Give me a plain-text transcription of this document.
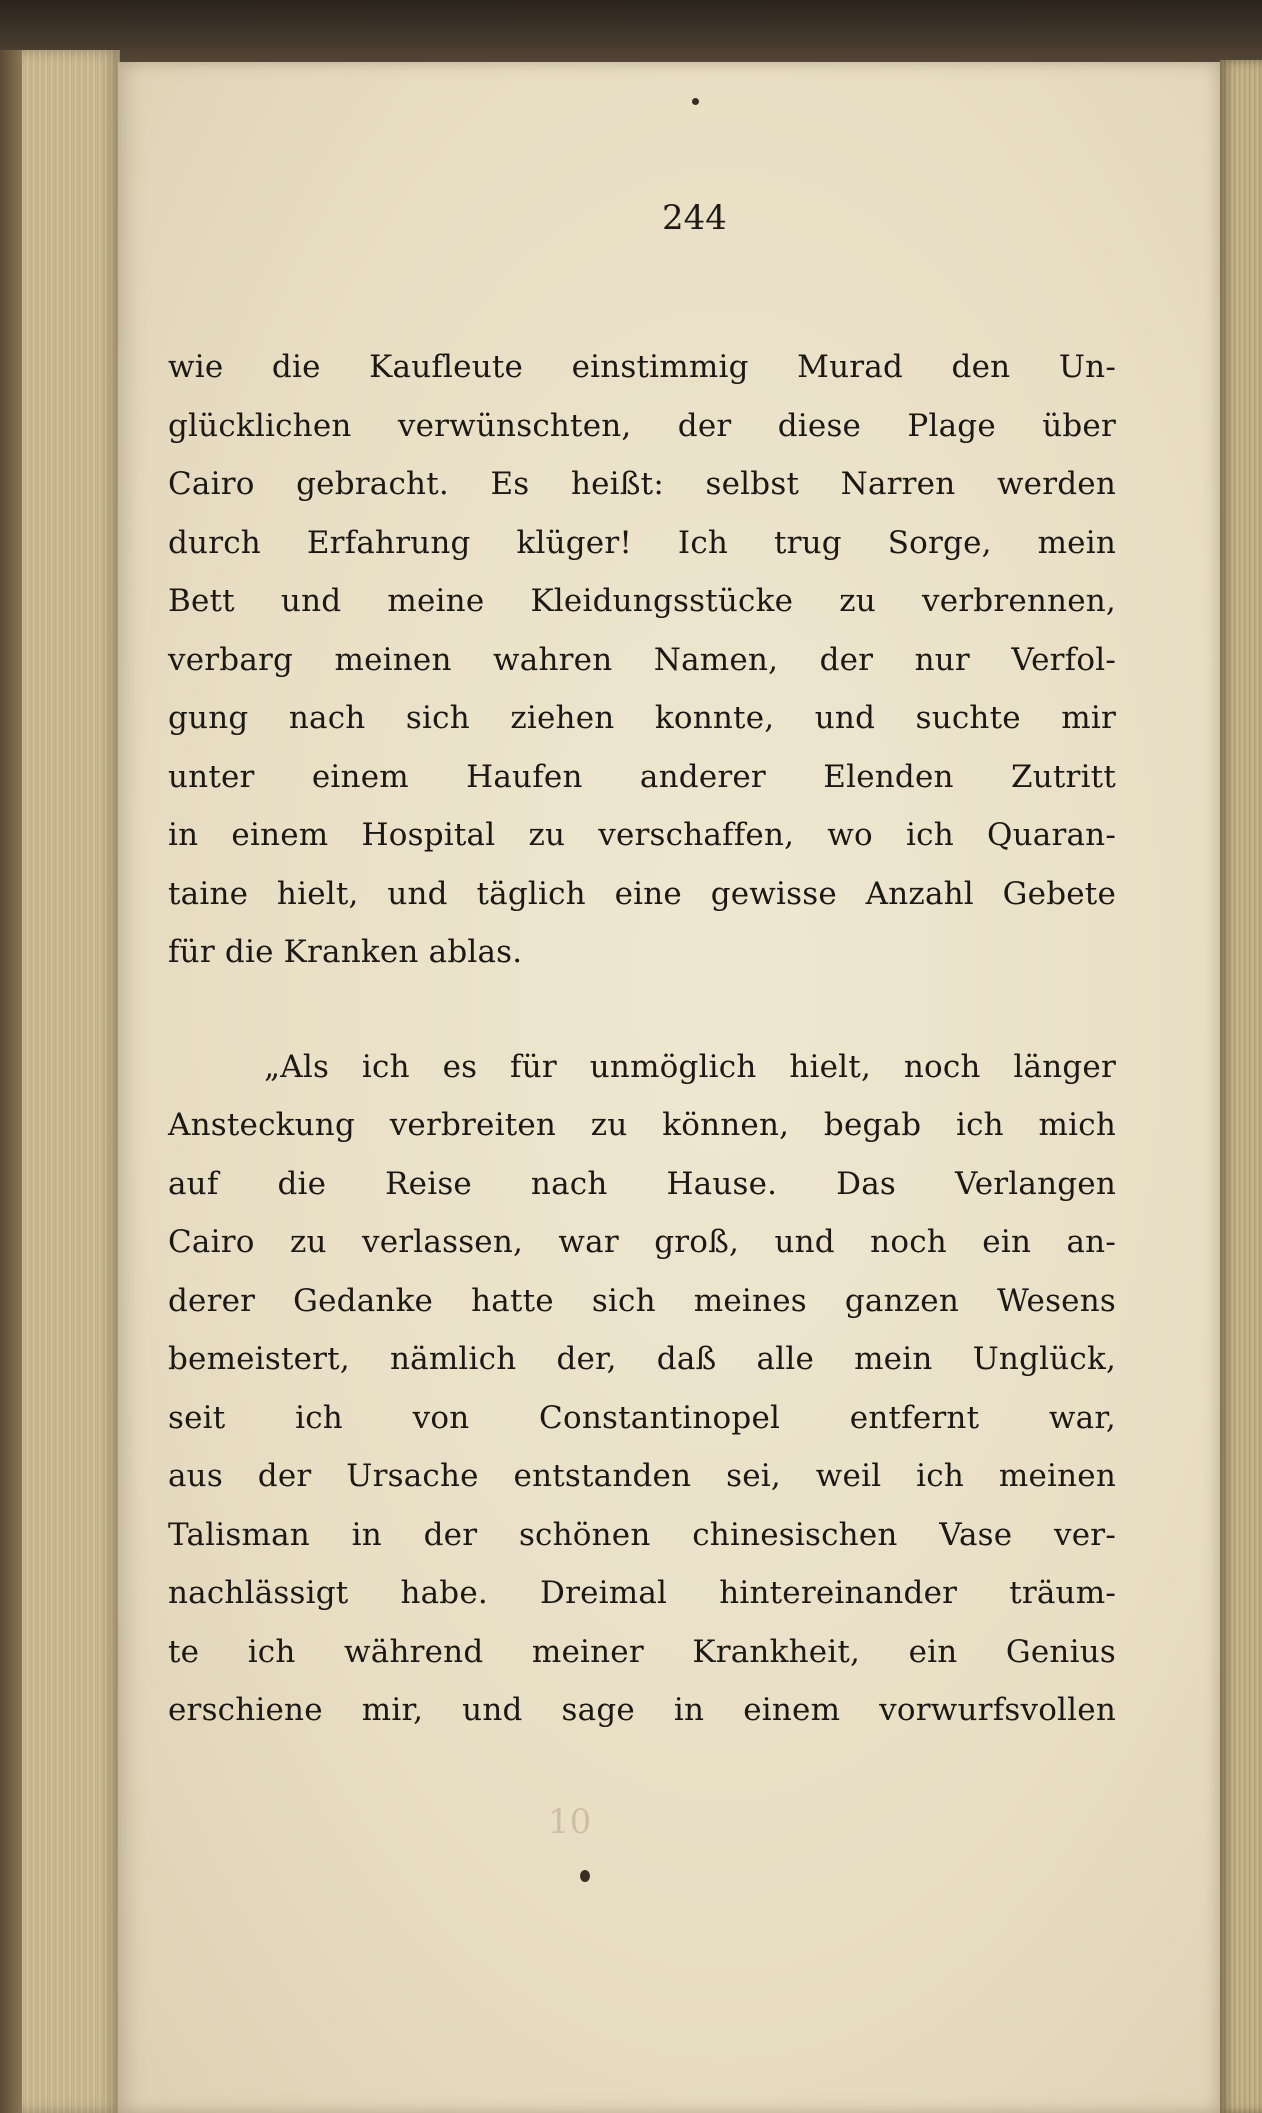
10
244
wie die Kaufleute einstimmig Murad den Un-
glücklichen verwünschten, der diese Plage über
Cairo gebracht. Es heißt: selbst Narren werden
durch Erfahrung klüger! Ich trug Sorge, mein
Bett und meine Kleidungsstücke zu verbrennen,
verbarg meinen wahren Namen, der nur Verfol-
gung nach sich ziehen konnte, und suchte mir
unter einem Haufen anderer Elenden Zutritt
in einem Hospital zu verschaffen, wo ich Quaran-
taine hielt, und täglich eine gewisse Anzahl Gebete
für die Kranken ablas.
„Als ich es für unmöglich hielt, noch länger
Ansteckung verbreiten zu können, begab ich mich
auf die Reise nach Hause. Das Verlangen
Cairo zu verlassen, war groß, und noch ein an-
derer Gedanke hatte sich meines ganzen Wesens
bemeistert, nämlich der, daß alle mein Unglück,
seit ich von Constantinopel entfernt war,
aus der Ursache entstanden sei, weil ich meinen
Talisman in der schönen chinesischen Vase ver-
nachlässigt habe. Dreimal hintereinander träum-
te ich während meiner Krankheit, ein Genius
erschiene mir, und sage in einem vorwurfsvollen
